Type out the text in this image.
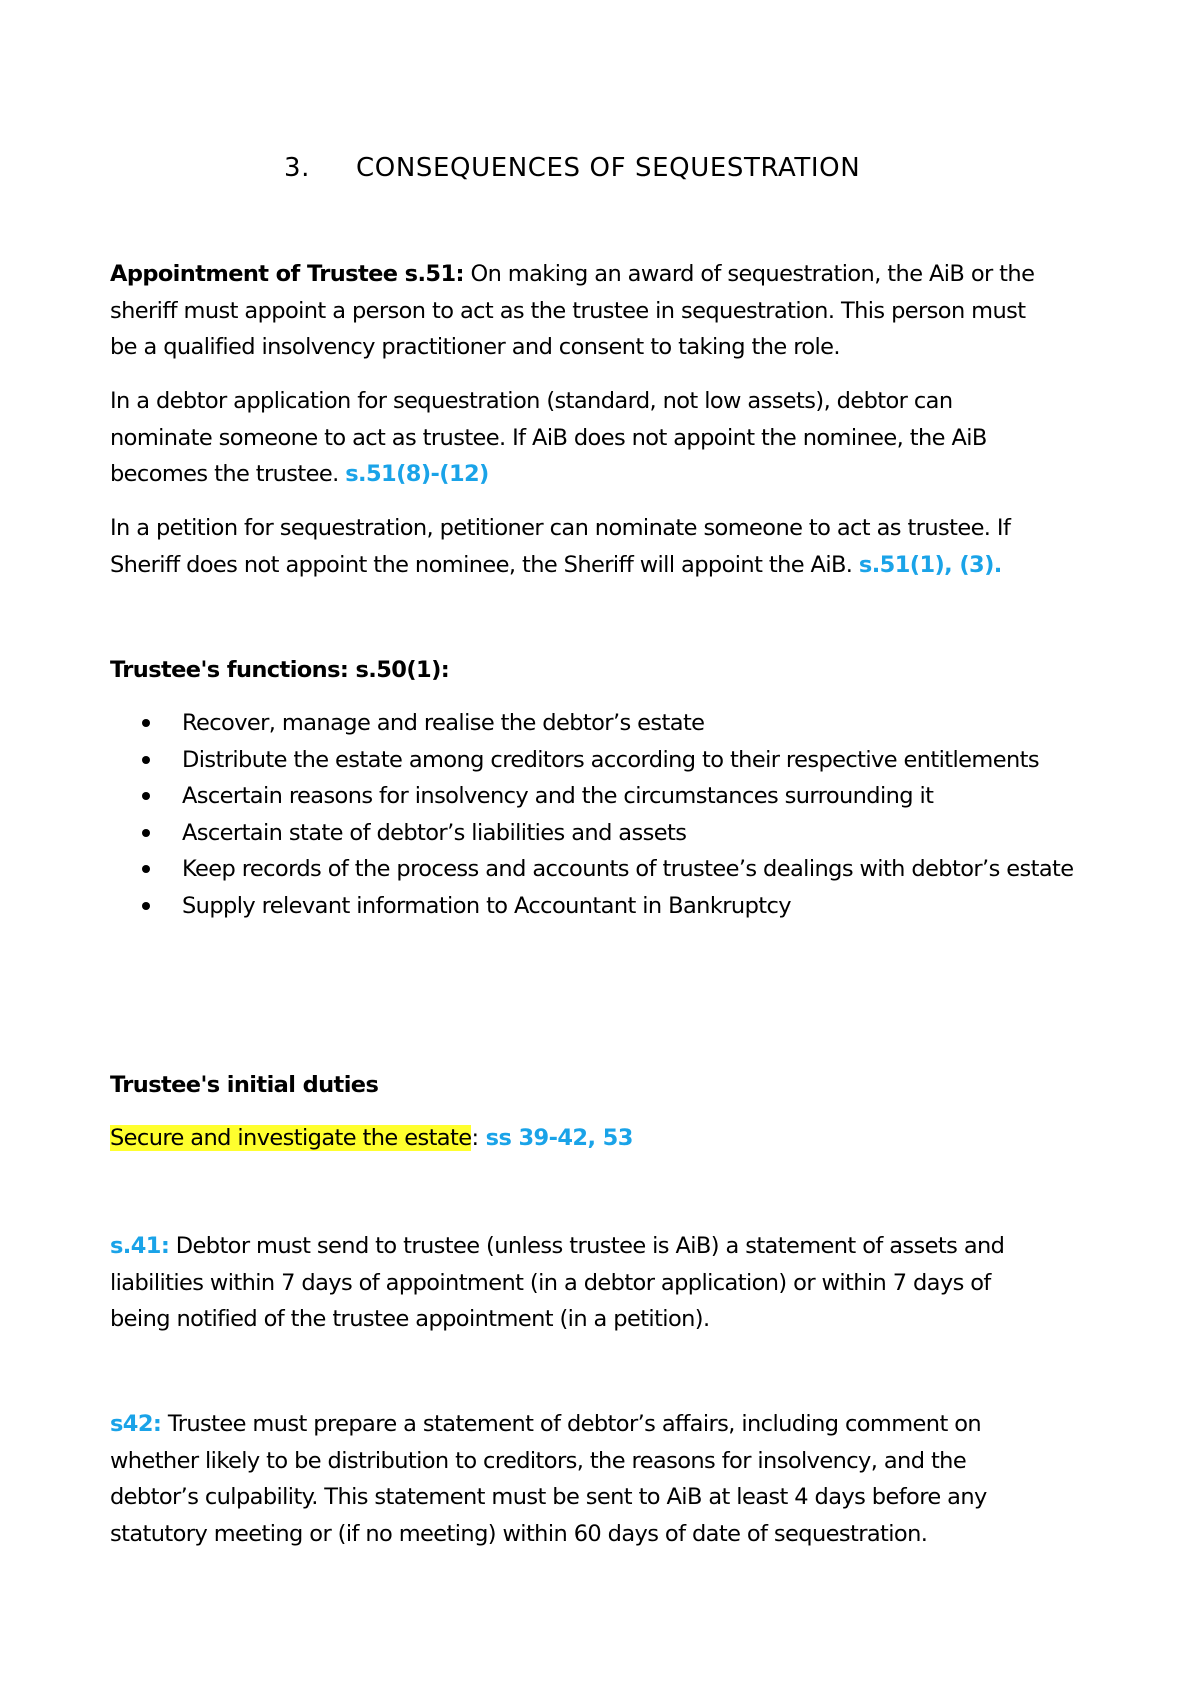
3. CONSEQUENCES OF SEQUESTRATION

Appointment of Trustee s.51: On making an award of sequestration, the AiB or the
sheriff must appoint a person to act as the trustee in sequestration. This person must
be a qualified insolvency practitioner and consent to taking the role.

In a debtor application for sequestration (standard, not low assets), debtor can
nominate someone to act as trustee. If AiB does not appoint the nominee, the AiB
becomes the trustee. s.51(8)-(12)

In a petition for sequestration, petitioner can nominate someone to act as trustee. If
Sheriff does not appoint the nominee, the Sheriff will appoint the AiB. s.51(1), (3).

Trustee's functions: s.50(1):

Recover, manage and realise the debtor’s estate
Distribute the estate among creditors according to their respective entitlements
Ascertain reasons for insolvency and the circumstances surrounding it
Ascertain state of debtor’s liabilities and assets
Keep records of the process and accounts of trustee’s dealings with debtor’s estate
Supply relevant information to Accountant in Bankruptcy

Trustee's initial duties

Secure and investigate the estate: ss 39-42, 53

s.41: Debtor must send to trustee (unless trustee is AiB) a statement of assets and
liabilities within 7 days of appointment (in a debtor application) or within 7 days of
being notified of the trustee appointment (in a petition).

s42: Trustee must prepare a statement of debtor’s affairs, including comment on
whether likely to be distribution to creditors, the reasons for insolvency, and the
debtor’s culpability. This statement must be sent to AiB at least 4 days before any
statutory meeting or (if no meeting) within 60 days of date of sequestration.
